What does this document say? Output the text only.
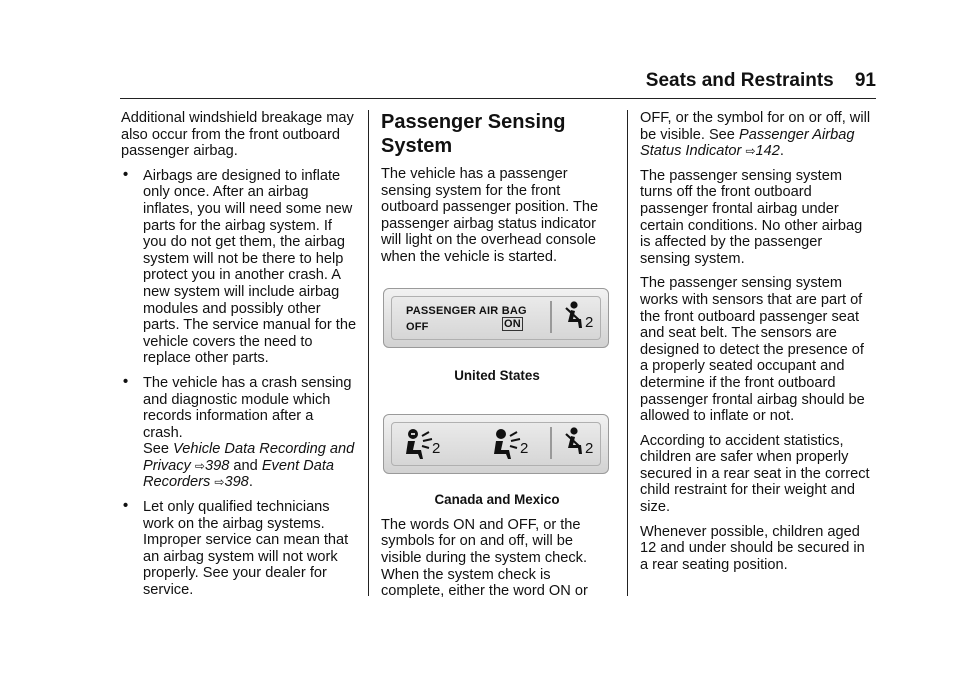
Seats and Restraints 91

Additional windshield breakage may also occur from the front outboard passenger airbag.

• Airbags are designed to inflate only once. After an airbag inflates, you will need some new parts for the airbag system. If you do not get them, the airbag system will not be there to help protect you in another crash. A new system will include airbag modules and possibly other parts. The service manual for the vehicle covers the need to replace other parts.
• The vehicle has a crash sensing and diagnostic module which records information after a crash.
See Vehicle Data Recording and Privacy ⇨398 and Event Data Recorders ⇨398.
• Let only qualified technicians work on the airbag systems. Improper service can mean that an airbag system will not work properly. See your dealer for service.
Passenger Sensing System

The vehicle has a passenger sensing system for the front outboard passenger position. The passenger airbag status indicator will light on the overhead console when the vehicle is started.

PASSENGER AIR BAG
OFF	ON	2
United States
2	2	2
Canada and Mexico

The words ON and OFF, or the symbols for on and off, will be visible during the system check. When the system check is complete, either the word ON or

OFF, or the symbol for on or off, will be visible. See Passenger Airbag Status Indicator ⇨142.

The passenger sensing system turns off the front outboard passenger frontal airbag under certain conditions. No other airbag is affected by the passenger sensing system.

The passenger sensing system works with sensors that are part of the front outboard passenger seat and seat belt. The sensors are designed to detect the presence of a properly seated occupant and determine if the front outboard passenger frontal airbag should be allowed to inflate or not.

According to accident statistics, children are safer when properly secured in a rear seat in the correct child restraint for their weight and size.

Whenever possible, children aged 12 and under should be secured in a rear seating position.
